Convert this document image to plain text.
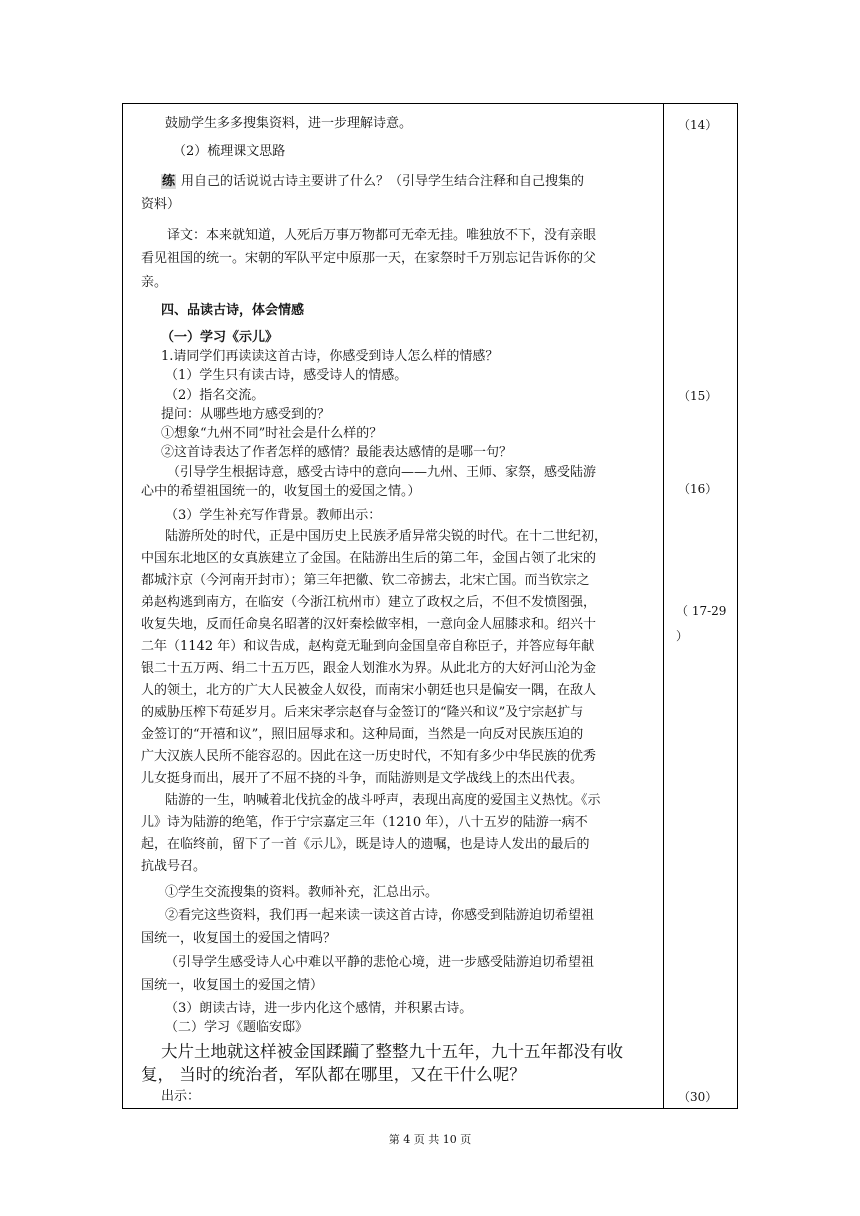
鼓励学生多多搜集资料，进一步理解诗意。
（2）梳理课文思路
练 用自己的话说说古诗主要讲了什么？（引导学生结合注释和自己搜集的
资料）
译文：本来就知道，人死后万事万物都可无牵无挂。唯独放不下，没有亲眼
看见祖国的统一。宋朝的军队平定中原那一天，在家祭时千万别忘记告诉你的父
亲。
四、品读古诗，体会情感
（一）学习《示儿》
1.请同学们再读读这首古诗，你感受到诗人怎么样的情感？
（1）学生只有读古诗，感受诗人的情感。
（2）指名交流。
提问：从哪些地方感受到的？
①想象“九州不同”时社会是什么样的？
②这首诗表达了作者怎样的感情？最能表达感情的是哪一句？
（引导学生根据诗意，感受古诗中的意向——九州、王师、家祭，感受陆游
心中的希望祖国统一的，收复国土的爱国之情。）
（3）学生补充写作背景。教师出示：
陆游所处的时代，正是中国历史上民族矛盾异常尖锐的时代。在十二世纪初，
中国东北地区的女真族建立了金国。在陆游出生后的第二年，金国占领了北宋的
都城汴京（今河南开封市）；第三年把徽、钦二帝掳去，北宋亡国。而当钦宗之
弟赵构逃到南方，在临安（今浙江杭州市）建立了政权之后，不但不发愤图强，
收复失地，反而任命臭名昭著的汉奸秦桧做宰相，一意向金人屈膝求和。绍兴十
二年（1142 年）和议告成，赵构竟无耻到向金国皇帝自称臣子，并答应每年献
银二十五万两、绢二十五万匹，跟金人划淮水为界。从此北方的大好河山沦为金
人的领土，北方的广大人民被金人奴役，而南宋小朝廷也只是偏安一隅，在敌人
的威胁压榨下苟延岁月。后来宋孝宗赵眘与金签订的“隆兴和议”及宁宗赵扩与
金签订的“开禧和议”，照旧屈辱求和。这种局面，当然是一向反对民族压迫的
广大汉族人民所不能容忍的。因此在这一历史时代，不知有多少中华民族的优秀
儿女挺身而出，展开了不屈不挠的斗争，而陆游则是文学战线上的杰出代表。
陆游的一生，呐喊着北伐抗金的战斗呼声，表现出高度的爱国主义热忱。《示
儿》诗为陆游的绝笔，作于宁宗嘉定三年（1210 年），八十五岁的陆游一病不
起，在临终前，留下了一首《示儿》，既是诗人的遗嘱，也是诗人发出的最后的
抗战号召。
①学生交流搜集的资料。教师补充，汇总出示。
②看完这些资料，我们再一起来读一读这首古诗，你感受到陆游迫切希望祖
国统一，收复国土的爱国之情吗？
（引导学生感受诗人心中难以平静的悲怆心境，进一步感受陆游迫切希望祖
国统一，收复国土的爱国之情）
（3）朗读古诗，进一步内化这个感情，并积累古诗。
（二）学习《题临安邸》
大片土地就这样被金国蹂躏了整整九十五年，九十五年都没有收
复， 当时的统治者，军队都在哪里，又在干什么呢？
出示：
（14）
（15）
（16）
（ 17-29
）
（30）
第 4 页 共 10 页
